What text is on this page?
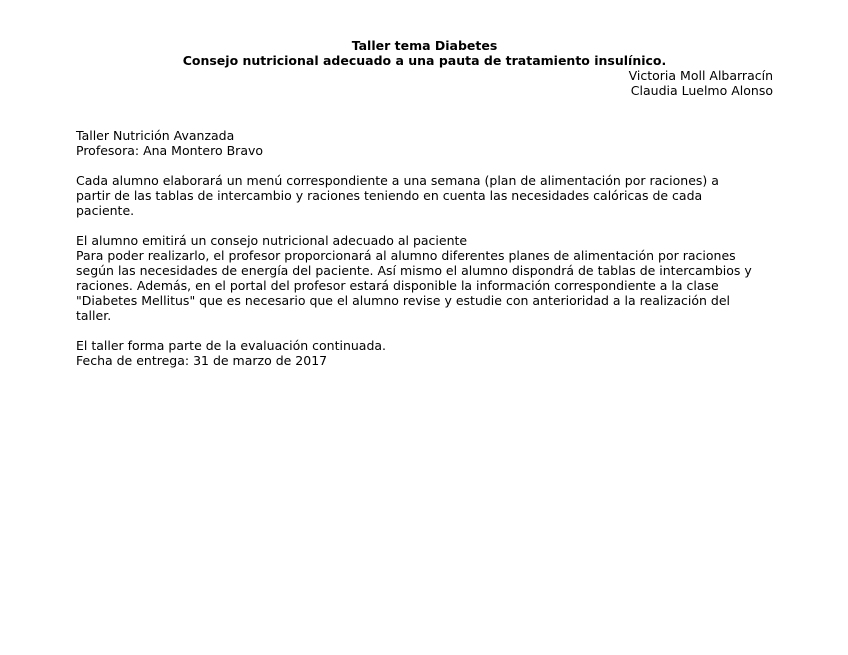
Taller tema Diabetes
Consejo nutricional adecuado a una pauta de tratamiento insulínico.
Victoria Moll Albarracín
Claudia Luelmo Alonso
Taller Nutrición Avanzada
Profesora: Ana Montero Bravo
Cada alumno elaborará un menú correspondiente a una semana (plan de alimentación por raciones) a
partir de las tablas de intercambio y raciones teniendo en cuenta las necesidades calóricas de cada
paciente.
El alumno emitirá un consejo nutricional adecuado al paciente
Para poder realizarlo, el profesor proporcionará al alumno diferentes planes de alimentación por raciones
según las necesidades de energía del paciente. Así mismo el alumno dispondrá de tablas de intercambios y
raciones. Además, en el portal del profesor estará disponible la información correspondiente a la clase
"Diabetes Mellitus" que es necesario que el alumno revise y estudie con anterioridad a la realización del
taller.
El taller forma parte de la evaluación continuada.
Fecha de entrega: 31 de marzo de 2017
